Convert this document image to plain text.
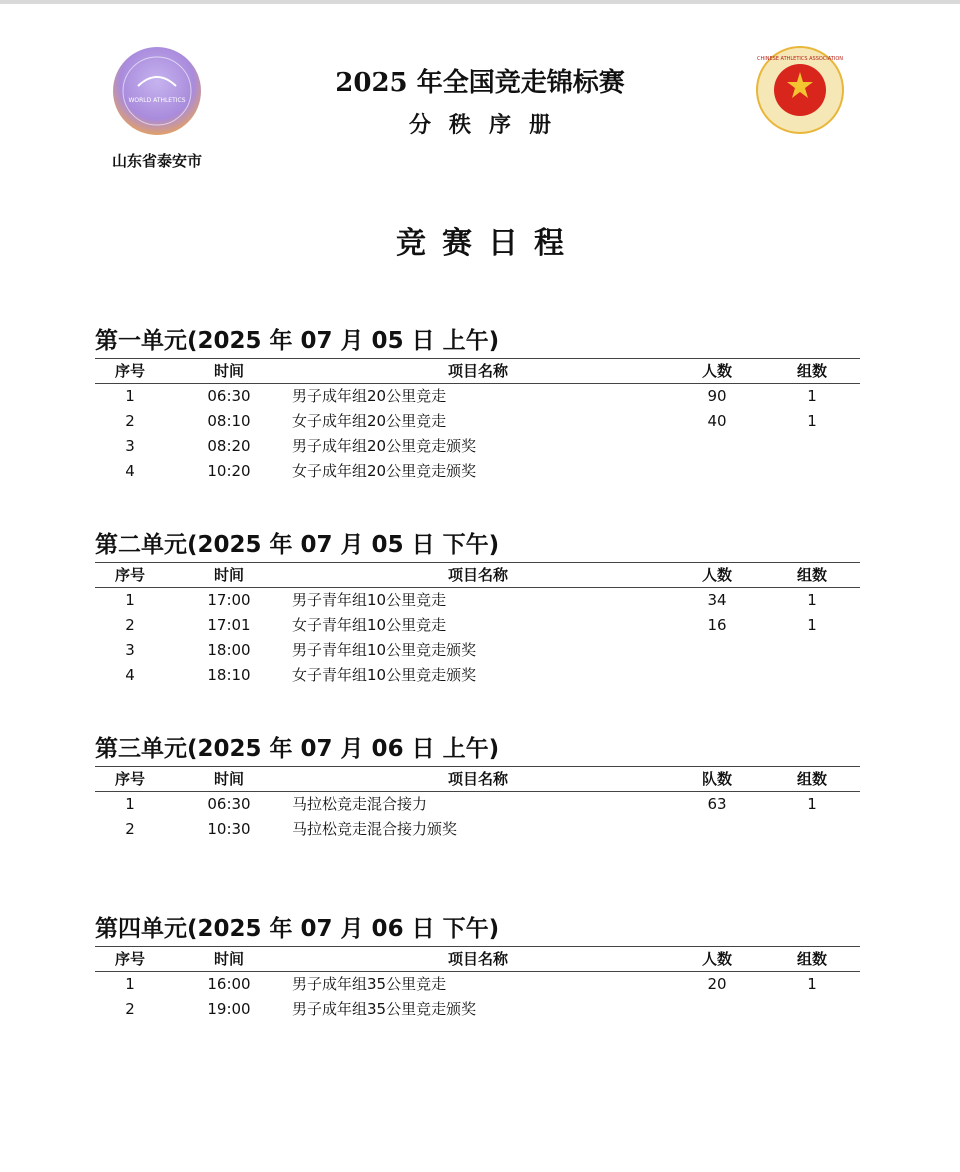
WORLD ATHLETICS
山东省泰安市
2025 年全国竞走锦标赛
分秩序册
CHINESE ATHLETICS ASSOCIATION
竞赛日程
第一单元(2025 年 07 月 05 日 上午)
序号	时间	项目名称	人数	组数
1	06:30	男子成年组20公里竞走	90	1
2	08:10	女子成年组20公里竞走	40	1
3	08:20	男子成年组20公里竞走颁奖
4	10:20	女子成年组20公里竞走颁奖
第二单元(2025 年 07 月 05 日 下午)
序号	时间	项目名称	人数	组数
1	17:00	男子青年组10公里竞走	34	1
2	17:01	女子青年组10公里竞走	16	1
3	18:00	男子青年组10公里竞走颁奖
4	18:10	女子青年组10公里竞走颁奖
第三单元(2025 年 07 月 06 日 上午)
序号	时间	项目名称	队数	组数
1	06:30	马拉松竞走混合接力	63	1
2	10:30	马拉松竞走混合接力颁奖
第四单元(2025 年 07 月 06 日 下午)
序号	时间	项目名称	人数	组数
1	16:00	男子成年组35公里竞走	20	1
2	19:00	男子成年组35公里竞走颁奖
